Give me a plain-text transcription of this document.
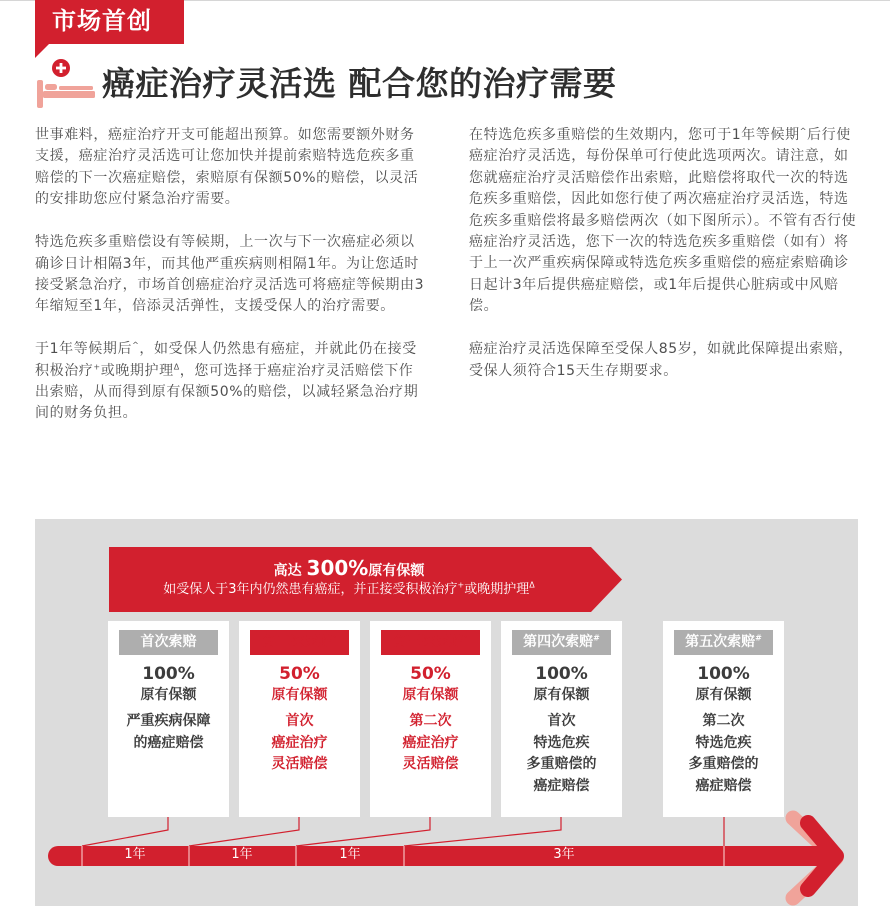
市场首创
癌症治疗灵活选 配合您的治疗需要

世事难料，癌症治疗开支可能超出预算。如您需要额外财务支援，癌症治疗灵活选可让您加快并提前索赔特选危疾多重赔偿的下一次癌症赔偿，索赔原有保额50%的赔偿，以灵活的安排助您应付紧急治疗需要。

特选危疾多重赔偿设有等候期，上一次与下一次癌症必须以确诊日计相隔3年，而其他严重疾病则相隔1年。为让您适时接受紧急治疗，市场首创癌症治疗灵活选可将癌症等候期由3年缩短至1年，倍添灵活弹性，支援受保人的治疗需要。

于1年等候期后^，如受保人仍然患有癌症，并就此仍在接受积极治疗+或晚期护理$^\Delta$，您可选择于癌症治疗灵活赔偿下作出索赔，从而得到原有保额50%的赔偿，以减轻紧急治疗期间的财务负担。

在特选危疾多重赔偿的生效期内，您可于1年等候期^后行使癌症治疗灵活选，每份保单可行使此选项两次。请注意，如您就癌症治疗灵活赔偿作出索赔，此赔偿将取代一次的特选危疾多重赔偿，因此如您行使了两次癌症治疗灵活选，特选危疾多重赔偿将最多赔偿两次（如下图所示）。不管有否行使癌症治疗灵活选，您下一次的特选危疾多重赔偿（如有）将于上一次严重疾病保障或特选危疾多重赔偿的癌症索赔确诊日起计3年后提供癌症赔偿，或1年后提供心脏病或中风赔偿。

癌症治疗灵活选保障至受保人85岁，如就此保障提出索赔，受保人须符合15天生存期要求。

高达 300%原有保额
如受保人于3年内仍然患有癌症，并正接受积极治疗+或晚期护理$^\Delta$
首次索赔
100%
原有保额
严重疾病保障
的癌症赔偿
第二次索赔*
50%
原有保额
首次
癌症治疗
灵活赔偿
第三次索赔*
50%
原有保额
第二次
癌症治疗
灵活赔偿
第四次索赔#
100%
原有保额
首次
特选危疾
多重赔偿的
癌症赔偿
第五次索赔#
100%
原有保额
第二次
特选危疾
多重赔偿的
癌症赔偿
1年	1年	1年	3年
